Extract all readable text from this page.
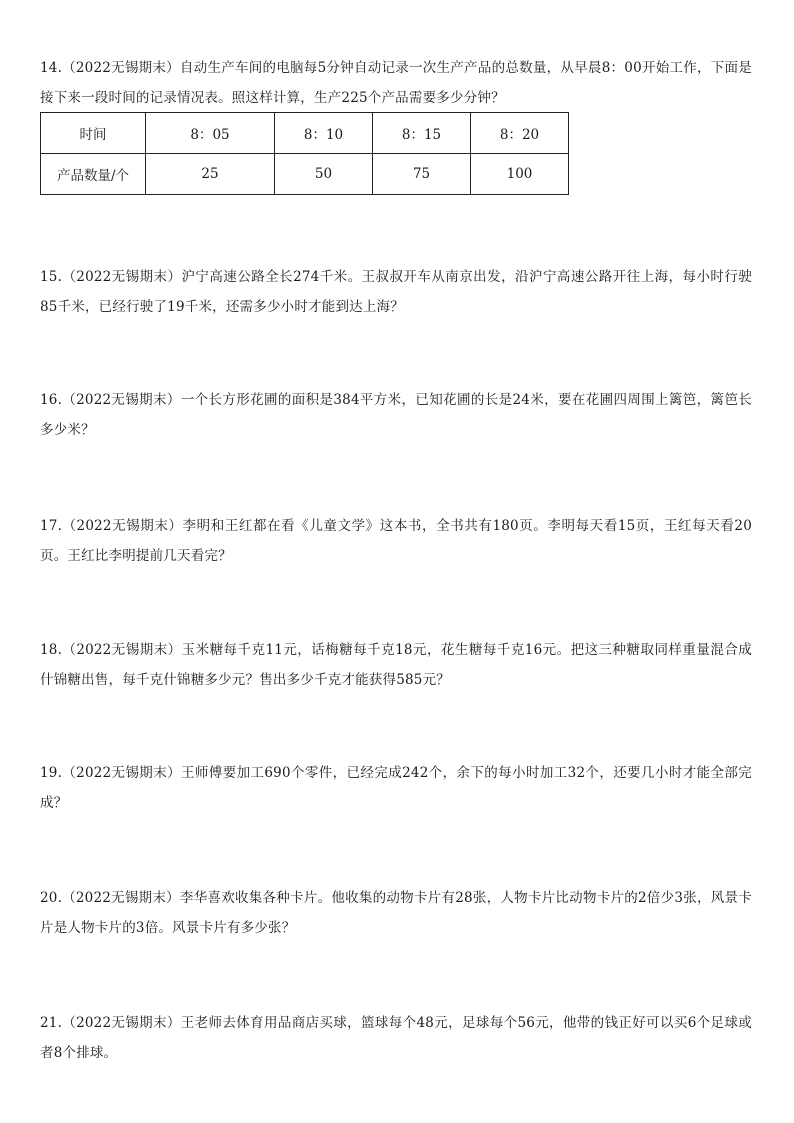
14.（2022无锡期末）自动生产车间的电脑每5分钟自动记录一次生产产品的总数量，从早晨8：00开始工作，下面是接下来一段时间的记录情况表。照这样计算，生产225个产品需要多少分钟？
时间	8：05	8：10	8：15	8：20
产品数量/个	25	50	75	100
15.（2022无锡期末）沪宁高速公路全长274千米。王叔叔开车从南京出发，沿沪宁高速公路开往上海，每小时行驶85千米，已经行驶了19千米，还需多少小时才能到达上海？
16.（2022无锡期末）一个长方形花圃的面积是384平方米，已知花圃的长是24米，要在花圃四周围上篱笆，篱笆长多少米？
17.（2022无锡期末）李明和王红都在看《儿童文学》这本书，全书共有180页。李明每天看15页，王红每天看20页。王红比李明提前几天看完？
18.（2022无锡期末）玉米糖每千克11元，话梅糖每千克18元，花生糖每千克16元。把这三种糖取同样重量混合成什锦糖出售，每千克什锦糖多少元？售出多少千克才能获得585元？
19.（2022无锡期末）王师傅要加工690个零件，已经完成242个，余下的每小时加工32个，还要几小时才能全部完成？
20.（2022无锡期末）李华喜欢收集各种卡片。他收集的动物卡片有28张，人物卡片比动物卡片的2倍少3张，风景卡片是人物卡片的3倍。风景卡片有多少张？
21.（2022无锡期末）王老师去体育用品商店买球，篮球每个48元，足球每个56元，他带的钱正好可以买6个足球或者8个排球。
